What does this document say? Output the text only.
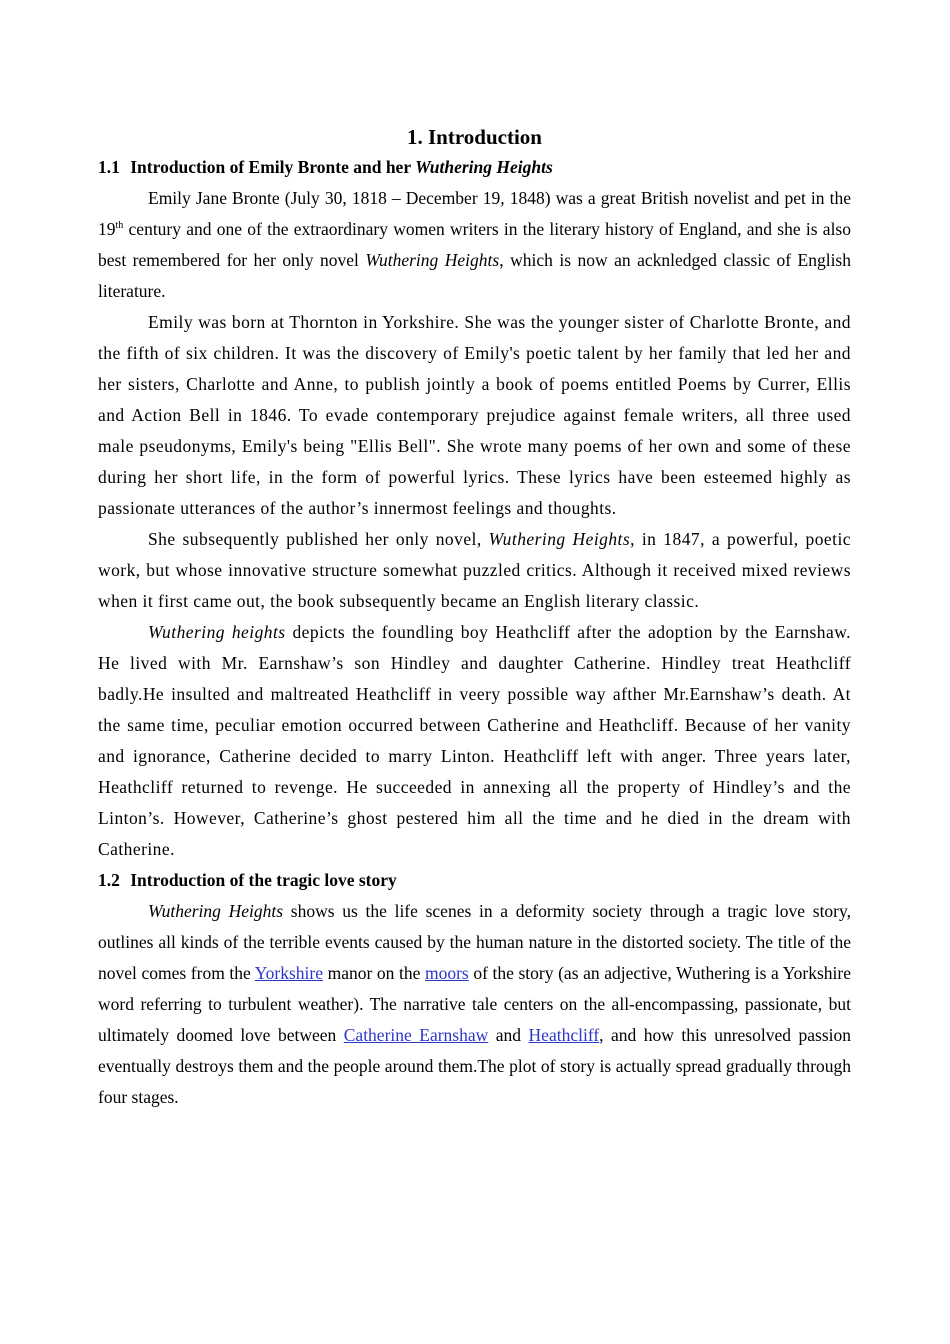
1. Introduction
1.1 Introduction of Emily Bronte and her Wuthering Heights

Emily Jane Bronte (July 30, 1818 – December 19, 1848) was a great British novelist and pet in the 19th century and one of the extraordinary women writers in the literary history of England, and she is also best remembered for her only novel Wuthering Heights, which is now an acknledged classic of English literature.

Emily was born at Thornton in Yorkshire. She was the younger sister of Charlotte Bronte, and the fifth of six children. It was the discovery of Emily's poetic talent by her family that led her and her sisters, Charlotte and Anne, to publish jointly a book of poems entitled Poems by Currer, Ellis and Action Bell in 1846. To evade contemporary prejudice against female writers, all three used male pseudonyms, Emily's being "Ellis Bell". She wrote many poems of her own and some of these during her short life, in the form of powerful lyrics. These lyrics have been esteemed highly as passionate utterances of the author’s innermost feelings and thoughts.

She subsequently published her only novel, Wuthering Heights, in 1847, a powerful, poetic work, but whose innovative structure somewhat puzzled critics. Although it received mixed reviews when it first came out, the book subsequently became an English literary classic.

Wuthering heights depicts the foundling boy Heathcliff after the adoption by the Earnshaw. He lived with Mr. Earnshaw’s son Hindley and daughter Catherine. Hindley treat Heathcliff badly.He insulted and maltreated Heathcliff in veery possible way afther Mr.Earnshaw’s death. At the same time, peculiar emotion occurred between Catherine and Heathcliff. Because of her vanity and ignorance, Catherine decided to marry Linton. Heathcliff left with anger. Three years later, Heathcliff returned to revenge. He succeeded in annexing all the property of Hindley’s and the Linton’s. However, Catherine’s ghost pestered him all the time and he died in the dream with Catherine.

1.2 Introduction of the tragic love story

Wuthering Heights shows us the life scenes in a deformity society through a tragic love story, outlines all kinds of the terrible events caused by the human nature in the distorted society. The title of the novel comes from the Yorkshire manor on the moors of the story (as an adjective, Wuthering is a Yorkshire word referring to turbulent weather). The narrative tale centers on the all-encompassing, passionate, but ultimately doomed love between Catherine Earnshaw and Heathcliff, and how this unresolved passion eventually destroys them and the people around them.The plot of story is actually spread gradually through four stages.
